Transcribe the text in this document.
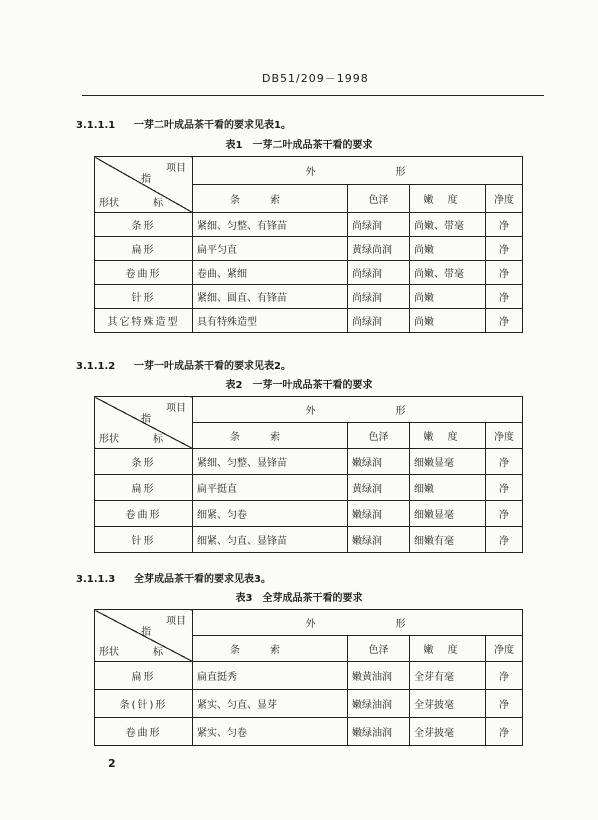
DB51/209－1998
3.1.1.1 一芽二叶成品茶干看的要求见表1。
表1　一芽二叶成品茶干看的要求
项目
指
形状 标	外形			
	条索	色泽	嫩度	净度
条形	紧细、匀整、有锋苗	尚绿润	尚嫩、带毫	净
扁形	扁平匀直	黄绿尚润	尚嫩	净
卷曲形	卷曲、紧细	尚绿润	尚嫩、带毫	净
针形	紧细、圆直、有锋苗	尚绿润	尚嫩	净
其它特殊造型	具有特殊造型	尚绿润	尚嫩	净
3.1.1.2 一芽一叶成品茶干看的要求见表2。
表2　一芽一叶成品茶干看的要求
项目
指
形状 标	外形			
	条索	色泽	嫩度	净度
条形	紧细、匀整、显锋苗	嫩绿润	细嫩显毫	净
扁形	扁平挺直	黄绿润	细嫩	净
卷曲形	细紧、匀卷	嫩绿润	细嫩显毫	净
针形	细紧、匀直、显锋苗	嫩绿润	细嫩有毫	净
3.1.1.3 全芽成品茶干看的要求见表3。
表3　全芽成品茶干看的要求
项目
指
形状 标	外形			
	条索	色泽	嫩度	净度
扁形	扁直挺秀	嫩黄油润	全芽有毫	净
条(针)形	紧实、匀直、显芽	嫩绿油润	全芽披毫	净
卷曲形	紧实、匀卷	嫩绿油润	全芽披毫	净
2
